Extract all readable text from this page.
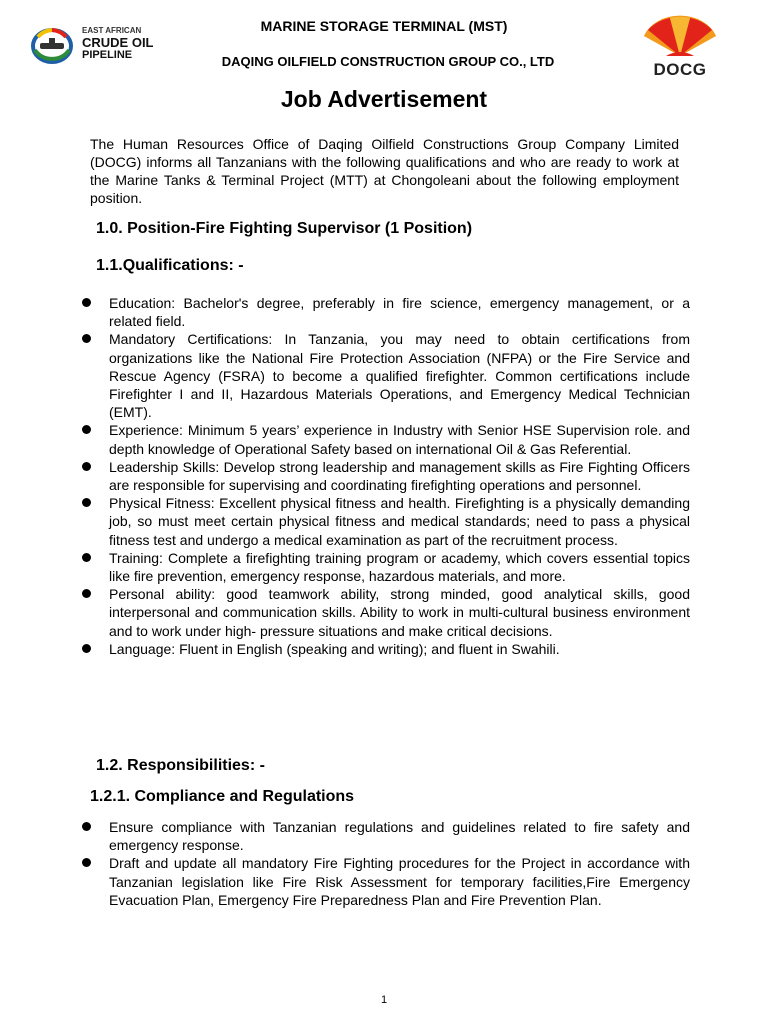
EAST AFRICAN
CRUDE OIL
PIPELINE
MARINE STORAGE TERMINAL (MST)
DAQING OILFIELD CONSTRUCTION GROUP CO., LTD	DOCG
Job Advertisement
The Human Resources Office of Daqing Oilfield Constructions Group Company Limited (DOCG) informs all Tanzanians with the following qualifications and who are ready to work at the Marine Tanks & Terminal Project (MTT) at Chongoleani about the following employment position.
1.0. Position-Fire Fighting Supervisor (1 Position)
1.1.Qualifications: -
Education: Bachelor's degree, preferably in fire science, emergency management, or a related field.
Mandatory Certifications: In Tanzania, you may need to obtain certifications from organizations like the National Fire Protection Association (NFPA) or the Fire Service and Rescue Agency (FSRA) to become a qualified firefighter. Common certifications include Firefighter I and II, Hazardous Materials Operations, and Emergency Medical Technician (EMT).
Experience: Minimum 5 years’ experience in Industry with Senior HSE Supervision role. and depth knowledge of Operational Safety based on international Oil & Gas Referential.
Leadership Skills: Develop strong leadership and management skills as Fire Fighting Officers are responsible for supervising and coordinating firefighting operations and personnel.
Physical Fitness: Excellent physical fitness and health. Firefighting is a physically demanding job, so must meet certain physical fitness and medical standards; need to pass a physical fitness test and undergo a medical examination as part of the recruitment process.
Training: Complete a firefighting training program or academy, which covers essential topics like fire prevention, emergency response, hazardous materials, and more.
Personal ability: good teamwork ability, strong minded, good analytical skills, good interpersonal and communication skills. Ability to work in multi-cultural business environment and to work under high- pressure situations and make critical decisions.
Language: Fluent in English (speaking and writing); and fluent in Swahili.
1.2. Responsibilities: -
1.2.1. Compliance and Regulations
Ensure compliance with Tanzanian regulations and guidelines related to fire safety and emergency response.
Draft and update all mandatory Fire Fighting procedures for the Project in accordance with Tanzanian legislation like Fire Risk Assessment for temporary facilities,Fire Emergency Evacuation Plan, Emergency Fire Preparedness Plan and Fire Prevention Plan.
1
